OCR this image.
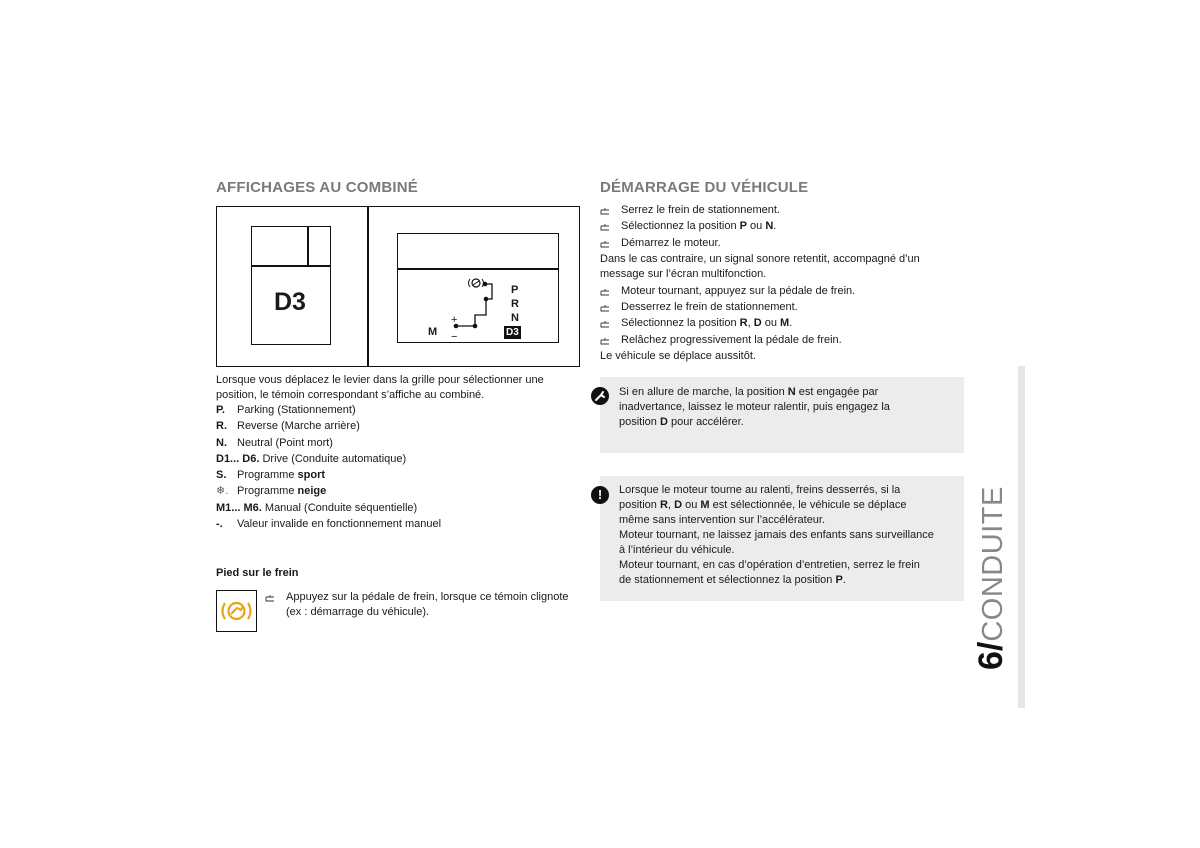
AFFICHAGES AU COMBINÉ
D3	P
R
N
D3
M
+
−
Lorsque vous déplacez le levier dans la grille pour sélectionner une position, le témoin correspondant s’affiche au combiné.
P. Parking (Stationnement)
R. Reverse (Marche arrière)
N. Neutral (Point mort)
D1... D6. Drive (Conduite automatique)
S. Programme sport
❄. Programme neige
M1... M6. Manual (Conduite séquentielle)
-. Valeur invalide en fonctionnement manuel
Pied sur le frein
Appuyez sur la pédale de frein, lorsque ce témoin clignote (ex : démarrage du véhicule).
DÉMARRAGE DU VÉHICULE
Serrez le frein de stationnement.
Sélectionnez la position P ou N.
Démarrez le moteur.
Dans le cas contraire, un signal sonore retentit, accompagné d’un message sur l’écran multifonction.
Moteur tournant, appuyez sur la pédale de frein.
Desserrez le frein de stationnement.
Sélectionnez la position R, D ou M.
Relâchez progressivement la pédale de frein.
Le véhicule se déplace aussitôt.
Si en allure de marche, la position N est engagée par
inadvertance, laissez le moteur ralentir, puis engagez la
position D pour accélérer.
!	Lorsque le moteur tourne au ralenti, freins desserrés, si la
position R, D ou M est sélectionnée, le véhicule se déplace
même sans intervention sur l’accélérateur.
Moteur tournant, ne laissez jamais des enfants sans surveillance
à l’intérieur du véhicule.
Moteur tournant, en cas d’opération d’entretien, serrez le frein
de stationnement et sélectionnez la position P.
6/CONDUITE
